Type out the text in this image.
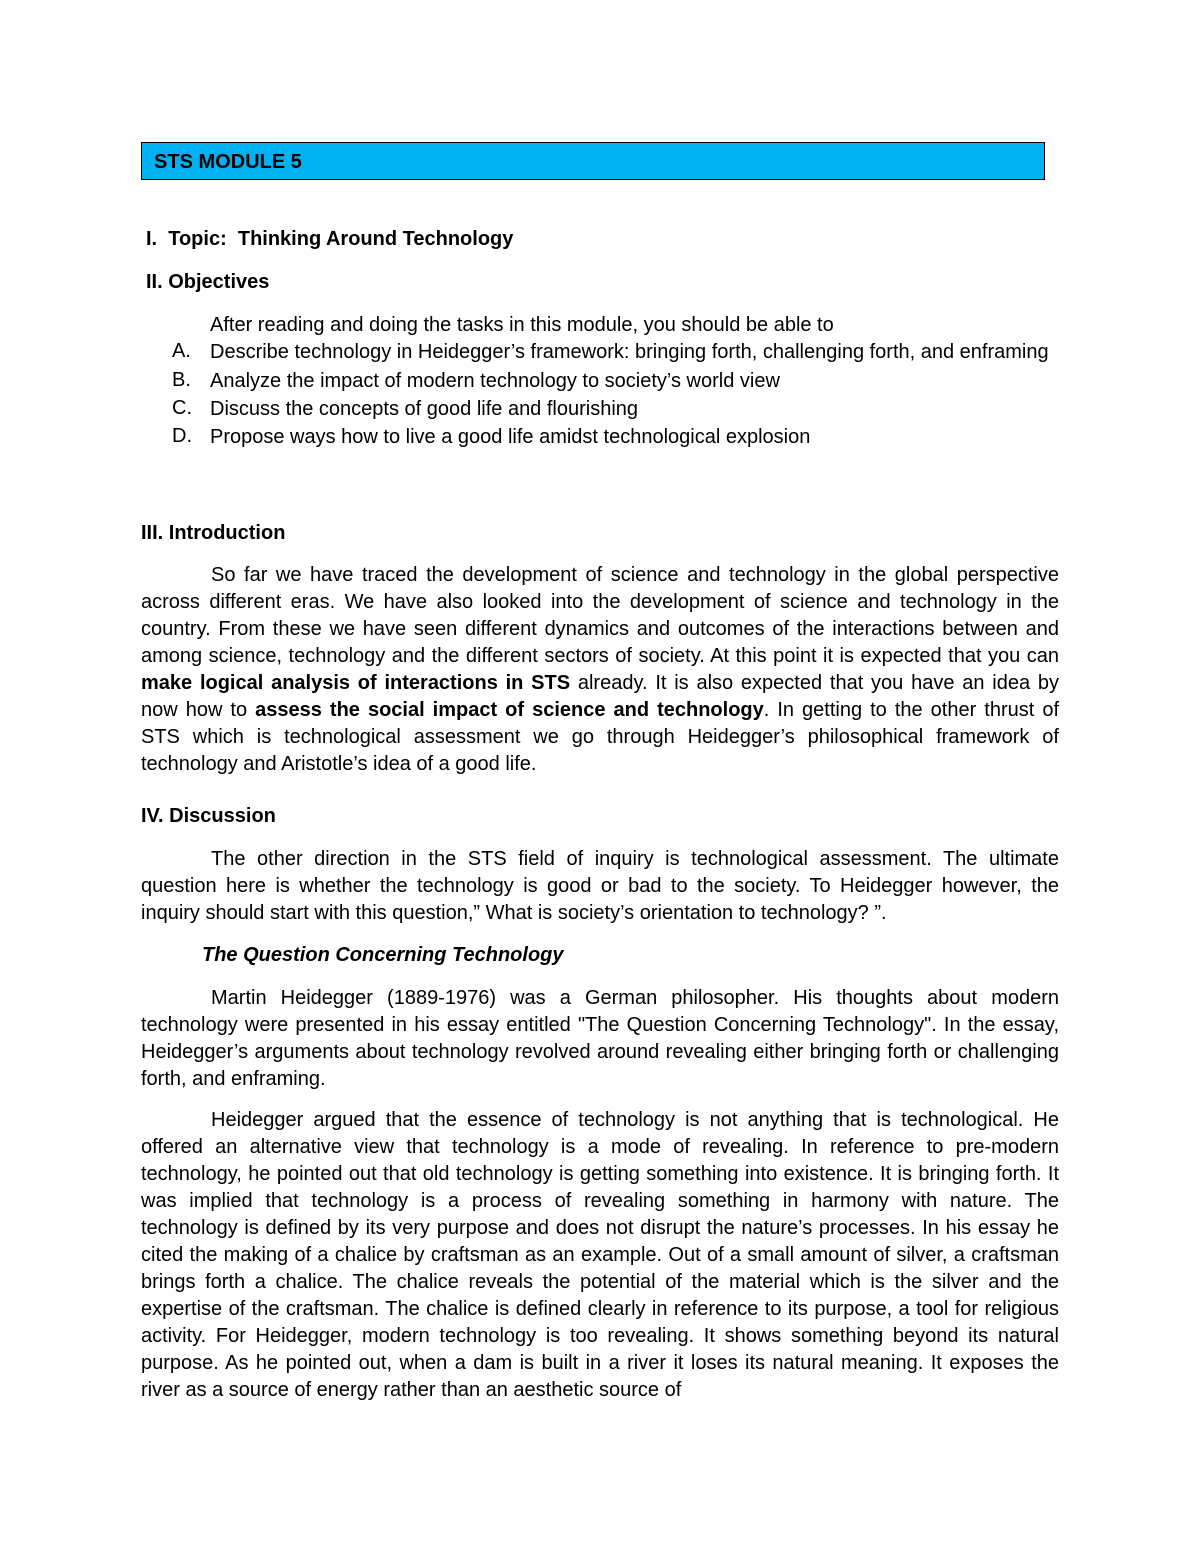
STS MODULE 5
I.  Topic:  Thinking Around Technology
II. Objectives
After reading and doing the tasks in this module, you should be able to
A. Describe technology in Heidegger’s framework: bringing forth, challenging forth, and enframing
B. Analyze the impact of modern technology to society’s world view
C. Discuss the concepts of good life and flourishing
D. Propose ways how to live a good life amidst technological explosion
III. Introduction

So far we have traced the development of science and technology in the global perspective across different eras. We have also looked into the development of science and technology in the country. From these we have seen different dynamics and outcomes of the interactions between and among science, technology and the different sectors of society. At this point it is expected that you can make logical analysis of interactions in STS already. It is also expected that you have an idea by now how to assess the social impact of science and technology. In getting to the other thrust of STS which is technological assessment we go through Heidegger’s philosophical framework of technology and Aristotle’s idea of a good life.

IV. Discussion

The other direction in the STS field of inquiry is technological assessment. The ultimate question here is whether the technology is good or bad to the society. To Heidegger however, the inquiry should start with this question,” What is society’s orientation to technology? ”.

The Question Concerning Technology

Martin Heidegger (1889-1976) was a German philosopher. His thoughts about modern technology were presented in his essay entitled "The Question Concerning Technology". In the essay, Heidegger’s arguments about technology revolved around revealing either bringing forth or challenging forth, and enframing.

Heidegger argued that the essence of technology is not anything that is technological. He offered an alternative view that technology is a mode of revealing. In reference to pre-modern technology, he pointed out that old technology is getting something into existence. It is bringing forth. It was implied that technology is a process of revealing something in harmony with nature. The technology is defined by its very purpose and does not disrupt the nature’s processes. In his essay he cited the making of a chalice by craftsman as an example. Out of a small amount of silver, a craftsman brings forth a chalice. The chalice reveals the potential of the material which is the silver and the expertise of the craftsman. The chalice is defined clearly in reference to its purpose, a tool for religious activity. For Heidegger, modern technology is too revealing. It shows something beyond its natural purpose. As he pointed out, when a dam is built in a river it loses its natural meaning. It exposes the river as a source of energy rather than an aesthetic source of
